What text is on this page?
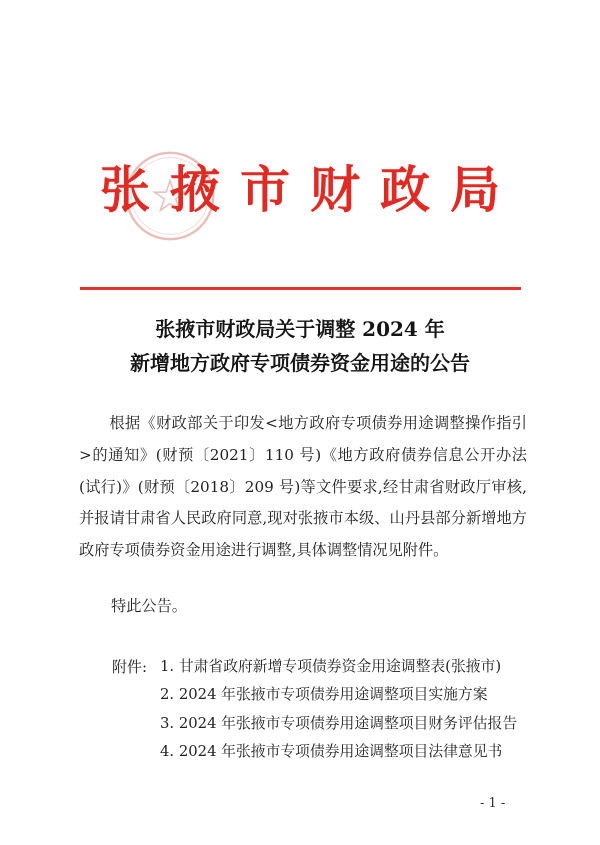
张掖市财政局
张掖市财政局关于调整 2024 年
新增地方政府专项债券资金用途的公告
根据《财政部关于印发<地方政府专项债券用途调整操作指引>的通知》(财预〔2021〕110 号)《地方政府债券信息公开办法(试行)》(财预〔2018〕209 号)等文件要求,经甘肃省财政厅审核,并报请甘肃省人民政府同意,现对张掖市本级、山丹县部分新增地方政府专项债券资金用途进行调整,具体调整情况见附件。
特此公告。
附件: 1. 甘肃省政府新增专项债券资金用途调整表(张掖市)
2. 2024 年张掖市专项债券用途调整项目实施方案
3. 2024 年张掖市专项债券用途调整项目财务评估报告
4. 2024 年张掖市专项债券用途调整项目法律意见书
- 1 -
